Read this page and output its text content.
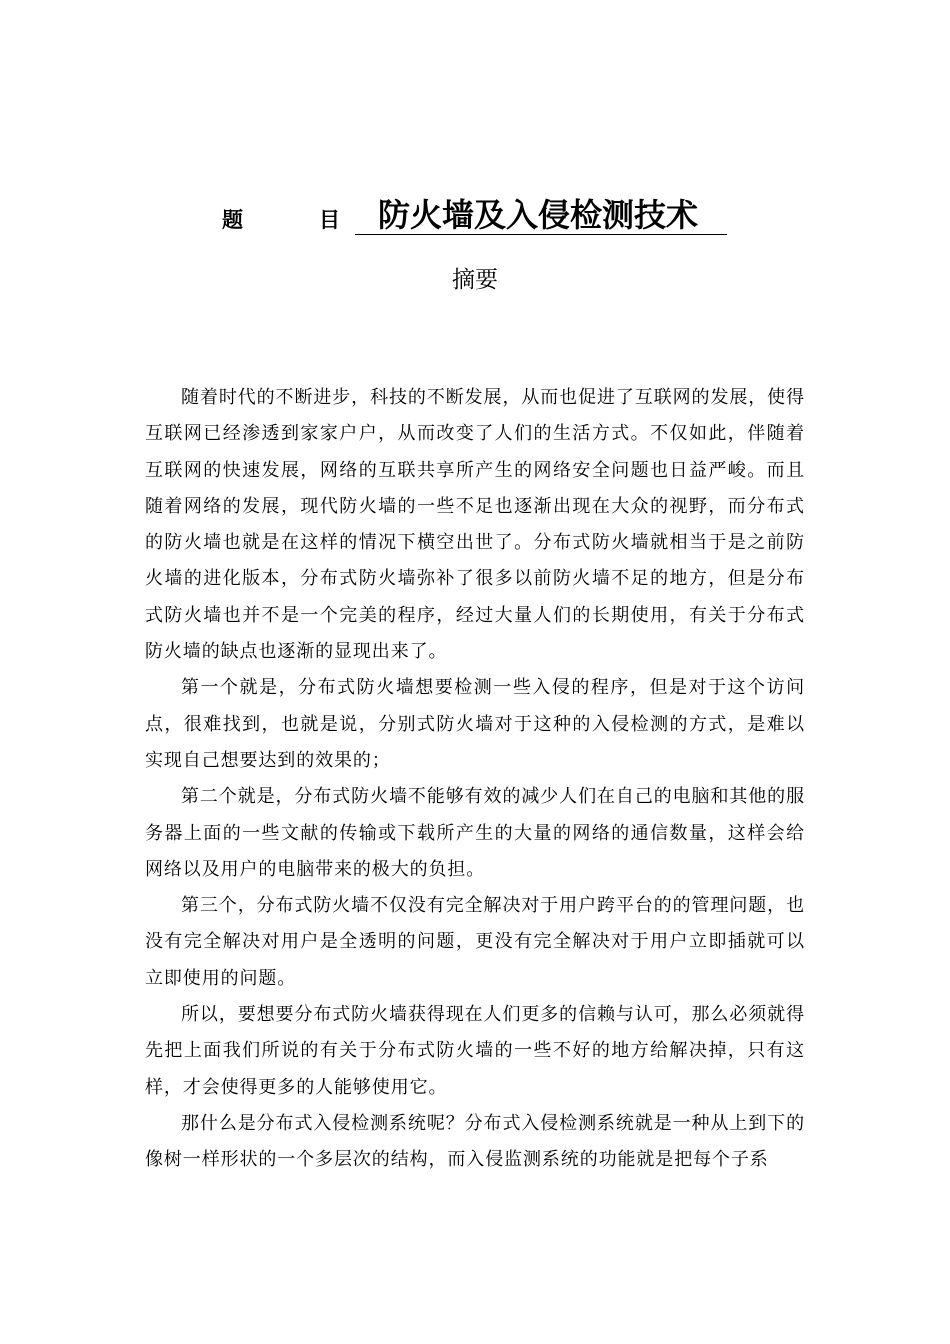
题	目	防火墙及入侵检测技术
摘要

随着时代的不断进步，科技的不断发展，从而也促进了互联网的发展，使得互联网已经渗透到家家户户，从而改变了人们的生活方式。不仅如此，伴随着互联网的快速发展，网络的互联共享所产生的网络安全问题也日益严峻。而且随着网络的发展，现代防火墙的一些不足也逐渐出现在大众的视野，而分布式的防火墙也就是在这样的情况下横空出世了。分布式防火墙就相当于是之前防火墙的进化版本，分布式防火墙弥补了很多以前防火墙不足的地方，但是分布式防火墙也并不是一个完美的程序，经过大量人们的长期使用，有关于分布式防火墙的缺点也逐渐的显现出来了。

第一个就是，分布式防火墙想要检测一些入侵的程序，但是对于这个访问点，很难找到，也就是说，分别式防火墙对于这种的入侵检测的方式，是难以实现自己想要达到的效果的；

第二个就是，分布式防火墙不能够有效的减少人们在自己的电脑和其他的服务器上面的一些文献的传输或下载所产生的大量的网络的通信数量，这样会给网络以及用户的电脑带来的极大的负担。

第三个，分布式防火墙不仅没有完全解决对于用户跨平台的的管理问题，也没有完全解决对用户是全透明的问题，更没有完全解决对于用户立即插就可以立即使用的问题。

所以，要想要分布式防火墙获得现在人们更多的信赖与认可，那么必须就得先把上面我们所说的有关于分布式防火墙的一些不好的地方给解决掉，只有这样，才会使得更多的人能够使用它。

那什么是分布式入侵检测系统呢？分布式入侵检测系统就是一种从上到下的像树一样形状的一个多层次的结构，而入侵监测系统的功能就是把每个子系
